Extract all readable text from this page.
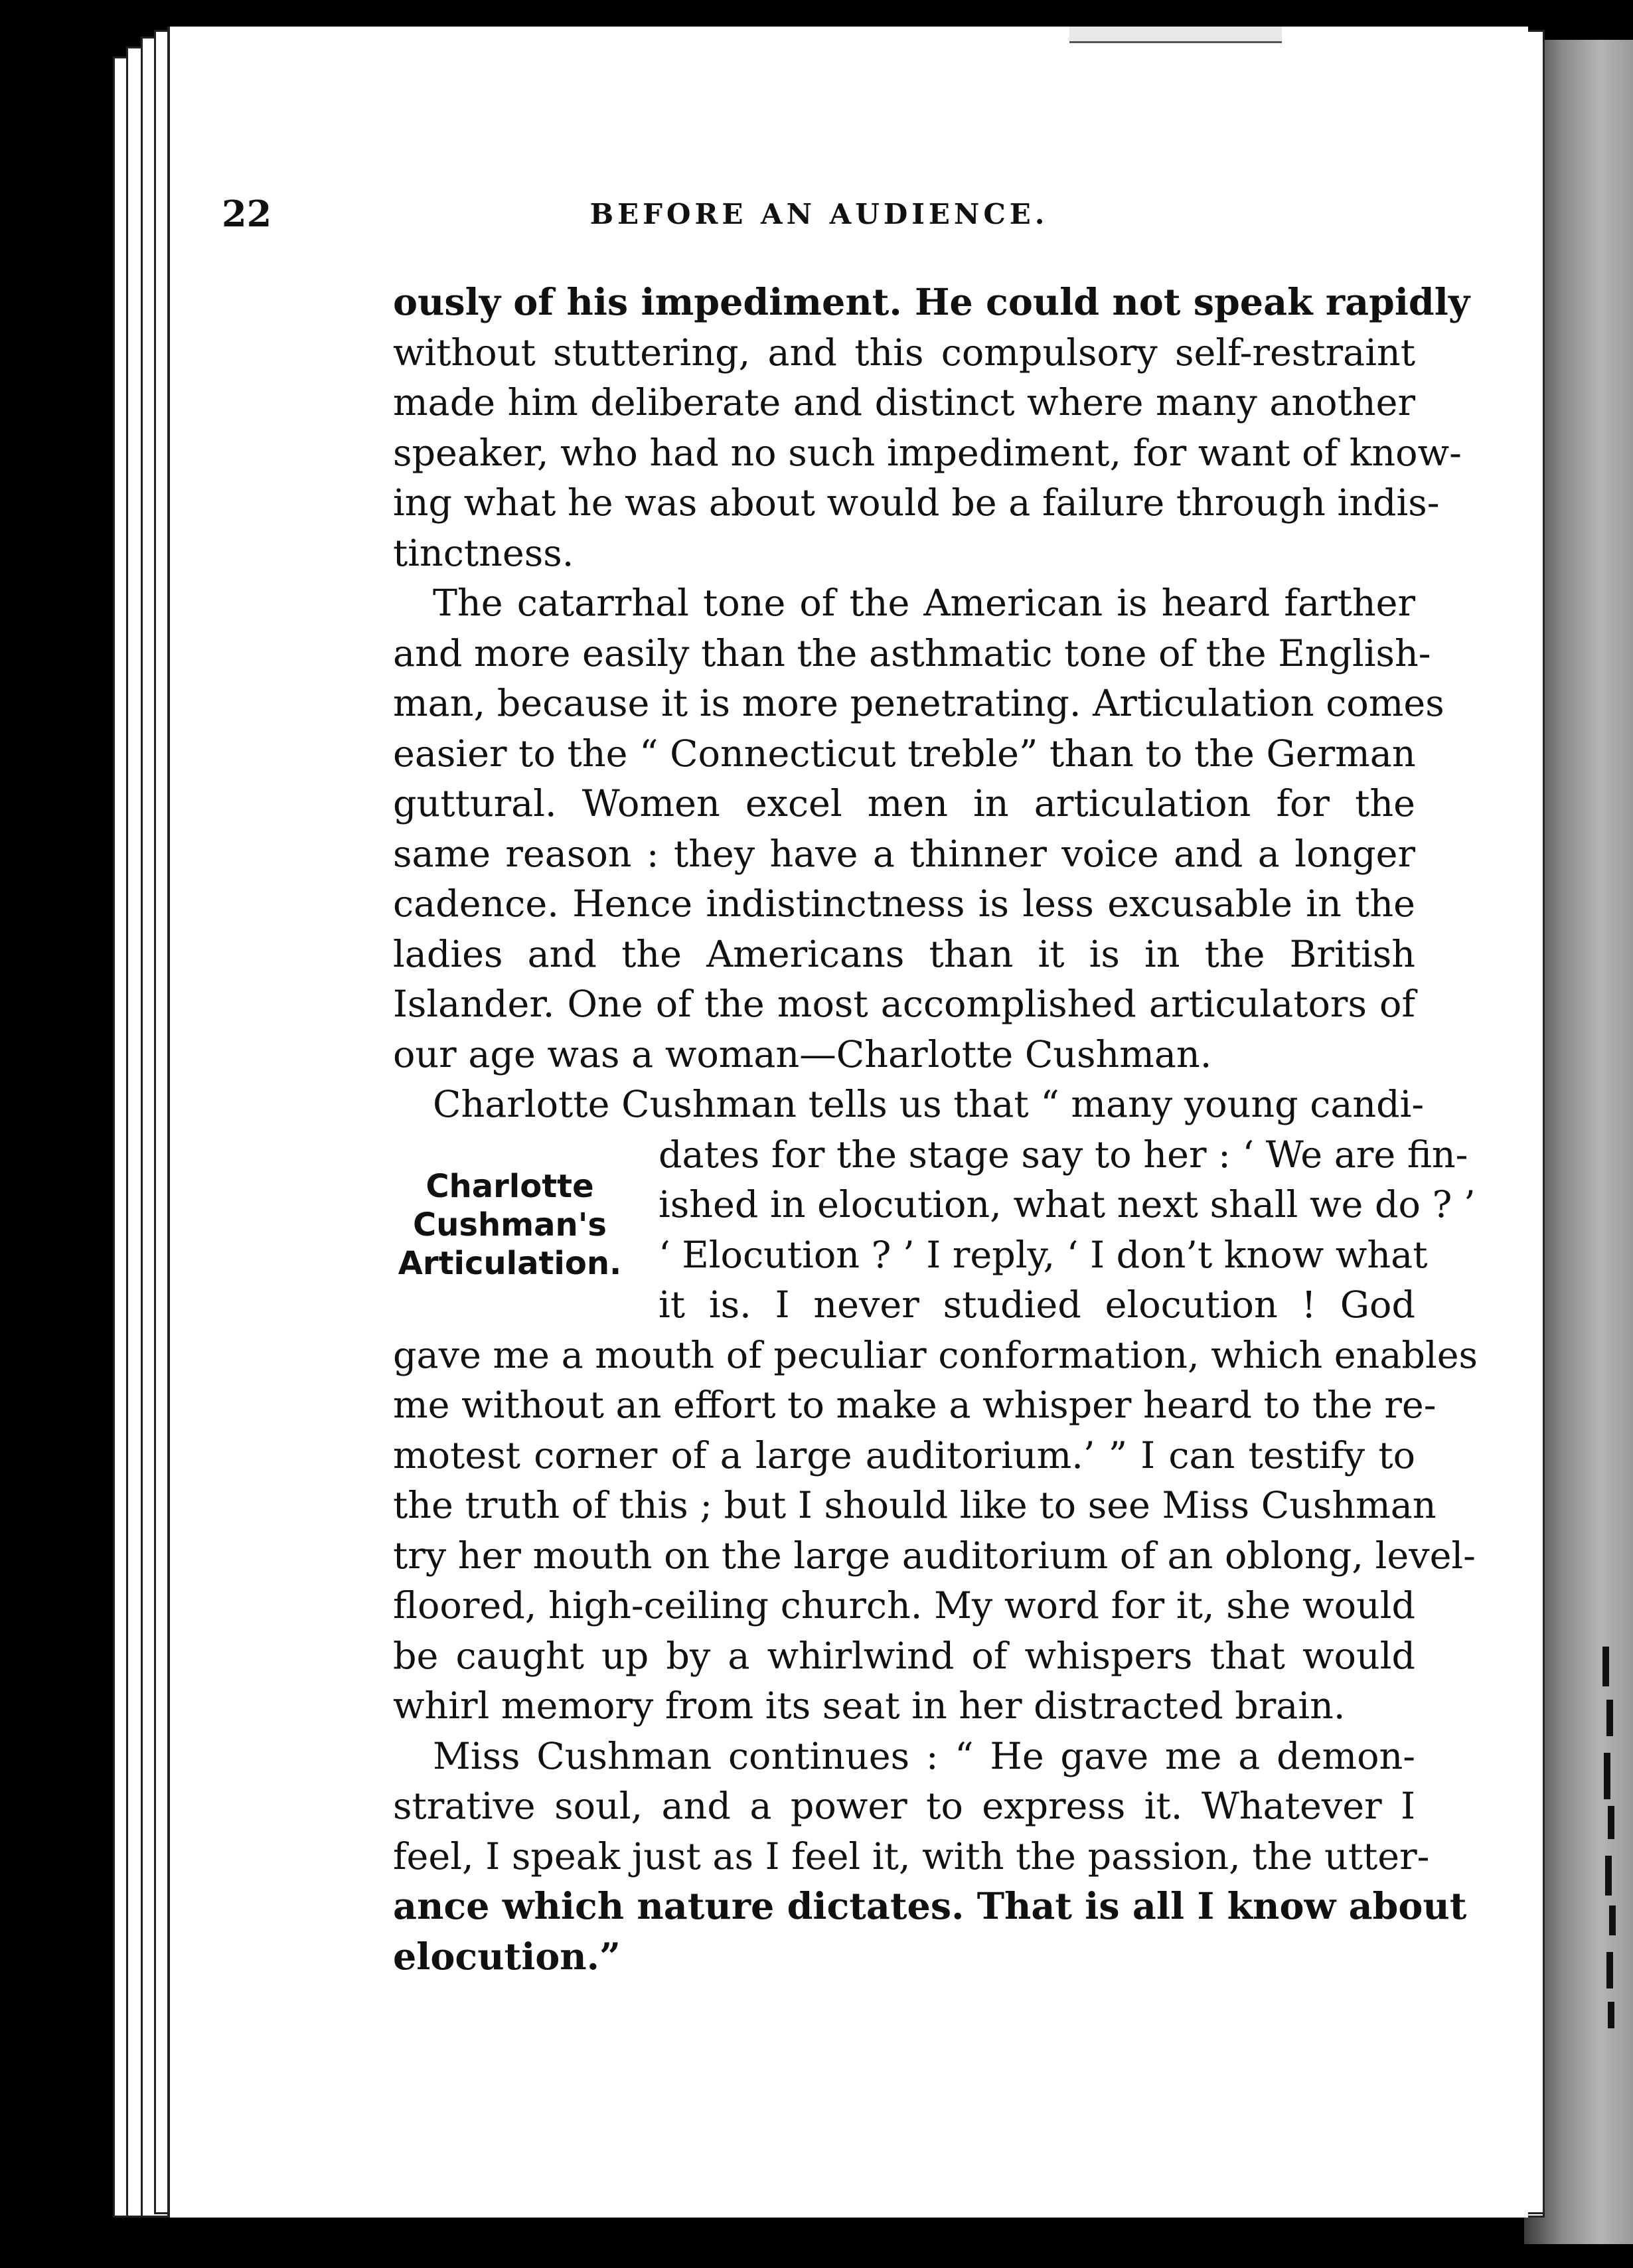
22	BEFORE AN AUDIENCE.
Charlotte
Cushman's
Articulation.
ously of his impediment. He could not speak rapidly
without stuttering, and this compulsory self-restraint
made him deliberate and distinct where many another
speaker, who had no such impediment, for want of know-
ing what he was about would be a failure through indis-
tinctness.
The catarrhal tone of the American is heard farther
and more easily than the asthmatic tone of the English-
man, because it is more penetrating. Articulation comes
easier to the “ Connecticut treble” than to the German
guttural. Women excel men in articulation for the
same reason : they have a thinner voice and a longer
cadence. Hence indistinctness is less excusable in the
ladies and the Americans than it is in the British
Islander. One of the most accomplished articulators of
our age was a woman—Charlotte Cushman.
Charlotte Cushman tells us that “ many young candi-
dates for the stage say to her : ‘ We are fin-
ished in elocution, what next shall we do ? ’
‘ Elocution ? ’ I reply, ‘ I don’t know what
it is. I never studied elocution ! God
gave me a mouth of peculiar conformation, which enables
me without an effort to make a whisper heard to the re-
motest corner of a large auditorium.’ ” I can testify to
the truth of this ; but I should like to see Miss Cushman
try her mouth on the large auditorium of an oblong, level-
floored, high-ceiling church. My word for it, she would
be caught up by a whirlwind of whispers that would
whirl memory from its seat in her distracted brain.
Miss Cushman continues : “ He gave me a demon-
strative soul, and a power to express it. Whatever I
feel, I speak just as I feel it, with the passion, the utter-
ance which nature dictates. That is all I know about
elocution.”
